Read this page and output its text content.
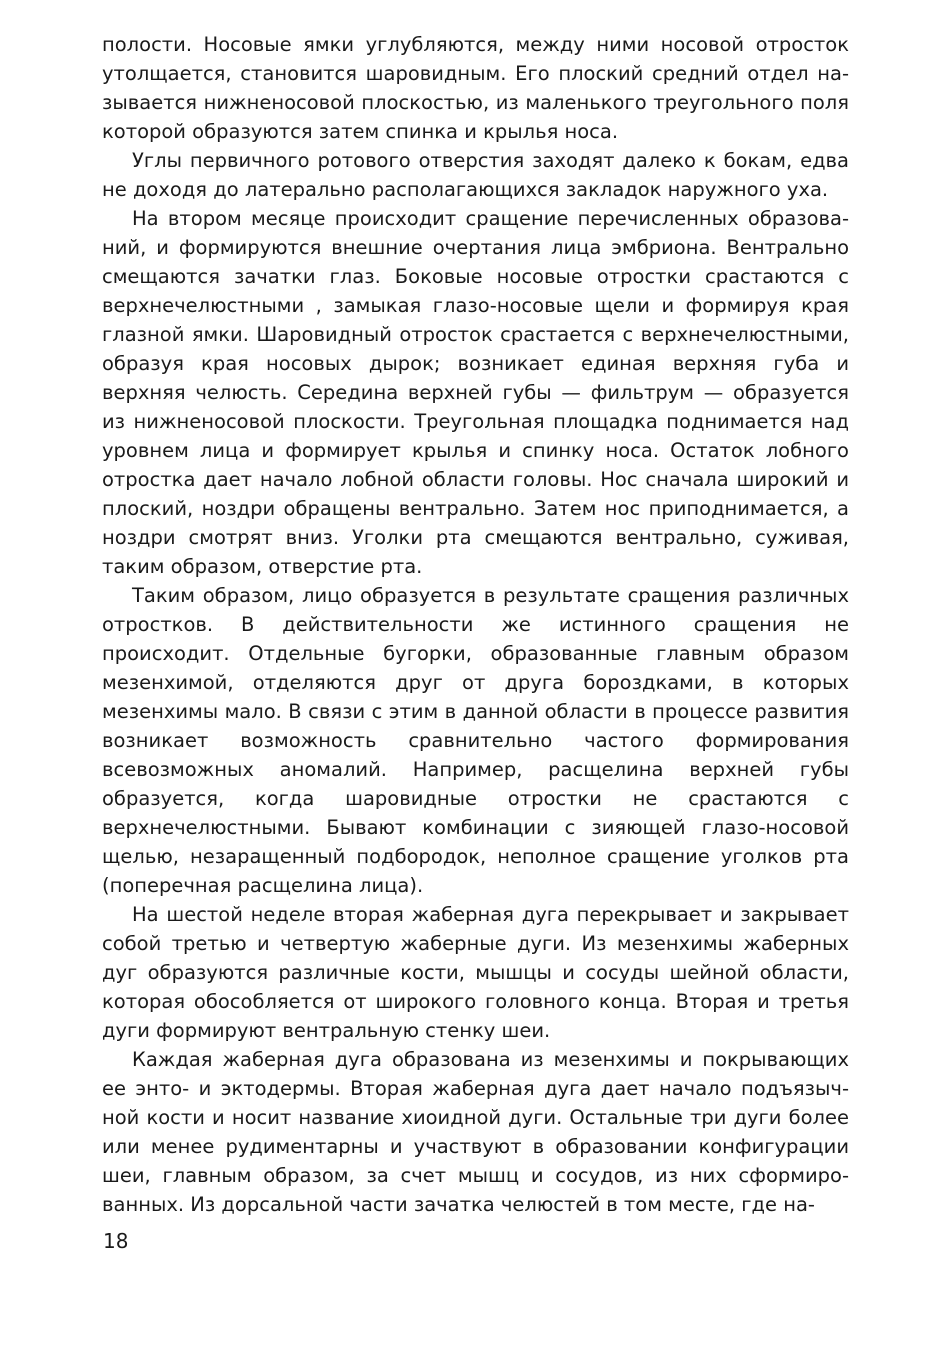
полости. Носовые ямки углубляются, между ними носовой отросток утолщается, становится шаровидным. Его плоский средний отдел называется нижненосовой плоскостью, из маленького треугольного поля которой образуются затем спинка и крылья носа.

Углы первичного ротового отверстия заходят далеко к бокам, едва не доходя до латерально располагающихся закладок наружного уха.

На втором месяце происходит сращение перечисленных образований, и формируются внешние очертания лица эмбриона. Вентрально смещаются зачатки глаз. Боковые носовые отростки срастаются с верхнечелюстными , замыкая глазо-носовые щели и формируя края глазной ямки. Шаровидный отросток срастается с верхнечелюстными, образуя края носовых дырок; возникает единая верхняя губа и верхняя челюсть. Середина верхней губы — фильтрум — образуется из нижненосовой плоскости. Треугольная площадка поднимается над уровнем лица и формирует крылья и спинку носа. Остаток лобного отростка дает начало лобной области головы. Нос сначала широкий и плоский, ноздри обращены вентрально. Затем нос приподнимается, а ноздри смотрят вниз. Уголки рта смещаются вентрально, суживая, таким образом, отверстие рта.

Таким образом, лицо образуется в результате сращения различных отростков. В действительности же истинного сращения не происходит. Отдельные бугорки, образованные главным образом мезенхимой, отделяются друг от друга бороздками, в которых мезенхимы мало. В связи с этим в данной области в процессе развития возникает возможность сравнительно частого формирования всевозможных аномалий. Например, расщелина верхней губы образуется, когда шаровидные отростки не срастаются с верхнечелюстными. Бывают комбинации с зияющей глазо-носовой щелью, незаращенный подбородок, неполное сращение уголков рта (поперечная расщелина лица).

На шестой неделе вторая жаберная дуга перекрывает и закрывает собой третью и четвертую жаберные дуги. Из мезенхимы жаберных дуг образуются различные кости, мышцы и сосуды шейной области, которая обособляется от широкого головного конца. Вторая и третья дуги формируют вентральную стенку шеи.

Каждая жаберная дуга образована из мезенхимы и покрывающих ее энто- и эктодермы. Вторая жаберная дуга дает начало подъязычной кости и носит название хиоидной дуги. Остальные три дуги более или менее рудиментарны и участвуют в образовании конфигурации шеи, главным образом, за счет мышц и сосудов, из них сформированных. Из дорсальной части зачатка челюстей в том месте, где на-

18
